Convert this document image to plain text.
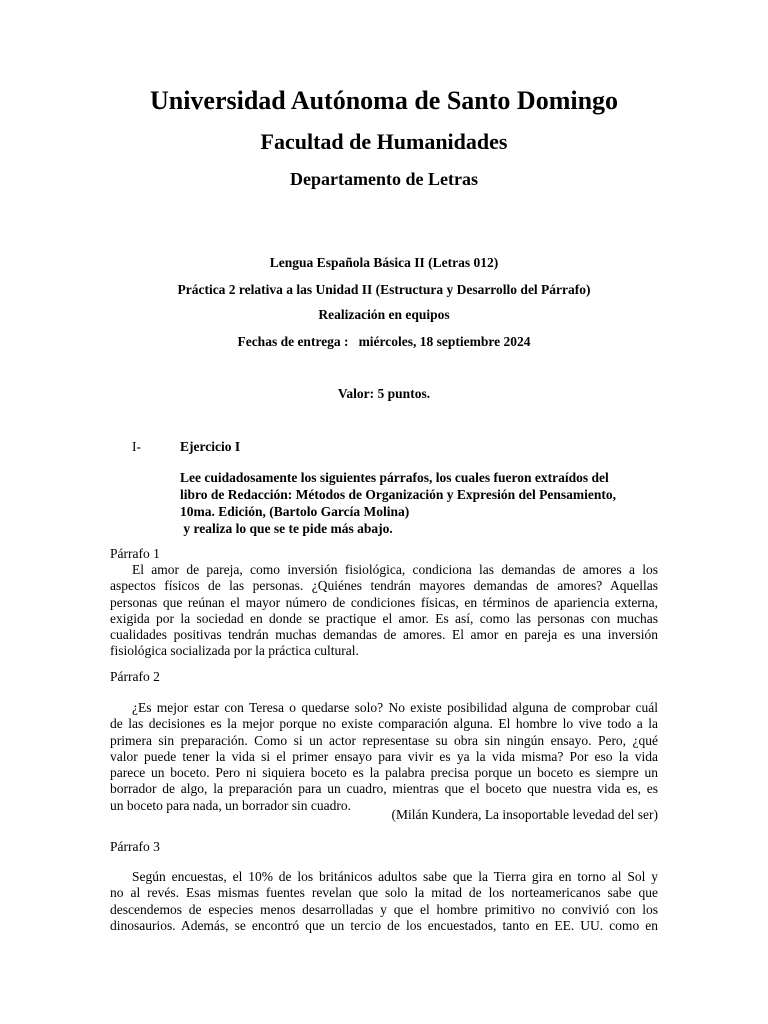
Universidad Autónoma de Santo Domingo
Facultad de Humanidades
Departamento de Letras
Lengua Española Básica II (Letras 012)
Práctica 2 relativa a las Unidad II (Estructura y Desarrollo del Párrafo)
Realización en equipos
Fechas de entrega : miércoles, 18 septiembre 2024
Valor: 5 puntos.
I-	Ejercicio I
Lee cuidadosamente los siguientes párrafos, los cuales fueron extraídos del
libro de Redacción: Métodos de Organización y Expresión del Pensamiento,
10ma. Edición, (Bartolo García Molina)
y realiza lo que se te pide más abajo.
Párrafo 1
El amor de pareja, como inversión fisiológica, condiciona las demandas de amores a los
aspectos físicos de las personas. ¿Quiénes tendrán mayores demandas de amores? Aquellas
personas que reúnan el mayor número de condiciones físicas, en términos de apariencia externa,
exigida por la sociedad en donde se practique el amor. Es así, como las personas con muchas
cualidades positivas tendrán muchas demandas de amores. El amor en pareja es una inversión
fisiológica socializada por la práctica cultural.
Párrafo 2
¿Es mejor estar con Teresa o quedarse solo? No existe posibilidad alguna de comprobar cuál
de las decisiones es la mejor porque no existe comparación alguna. El hombre lo vive todo a la
primera sin preparación. Como si un actor representase su obra sin ningún ensayo. Pero, ¿qué
valor puede tener la vida si el primer ensayo para vivir es ya la vida misma? Por eso la vida
parece un boceto. Pero ni siquiera boceto es la palabra precisa porque un boceto es siempre un
borrador de algo, la preparación para un cuadro, mientras que el boceto que nuestra vida es, es
un boceto para nada, un borrador sin cuadro.
(Milán Kundera, La insoportable levedad del ser)
Párrafo 3
Según encuestas, el 10% de los británicos adultos sabe que la Tierra gira en torno al Sol y
no al revés. Esas mismas fuentes revelan que solo la mitad de los norteamericanos sabe que
descendemos de especies menos desarrolladas y que el hombre primitivo no convivió con los
dinosaurios. Además, se encontró que un tercio de los encuestados, tanto en EE. UU. como en
